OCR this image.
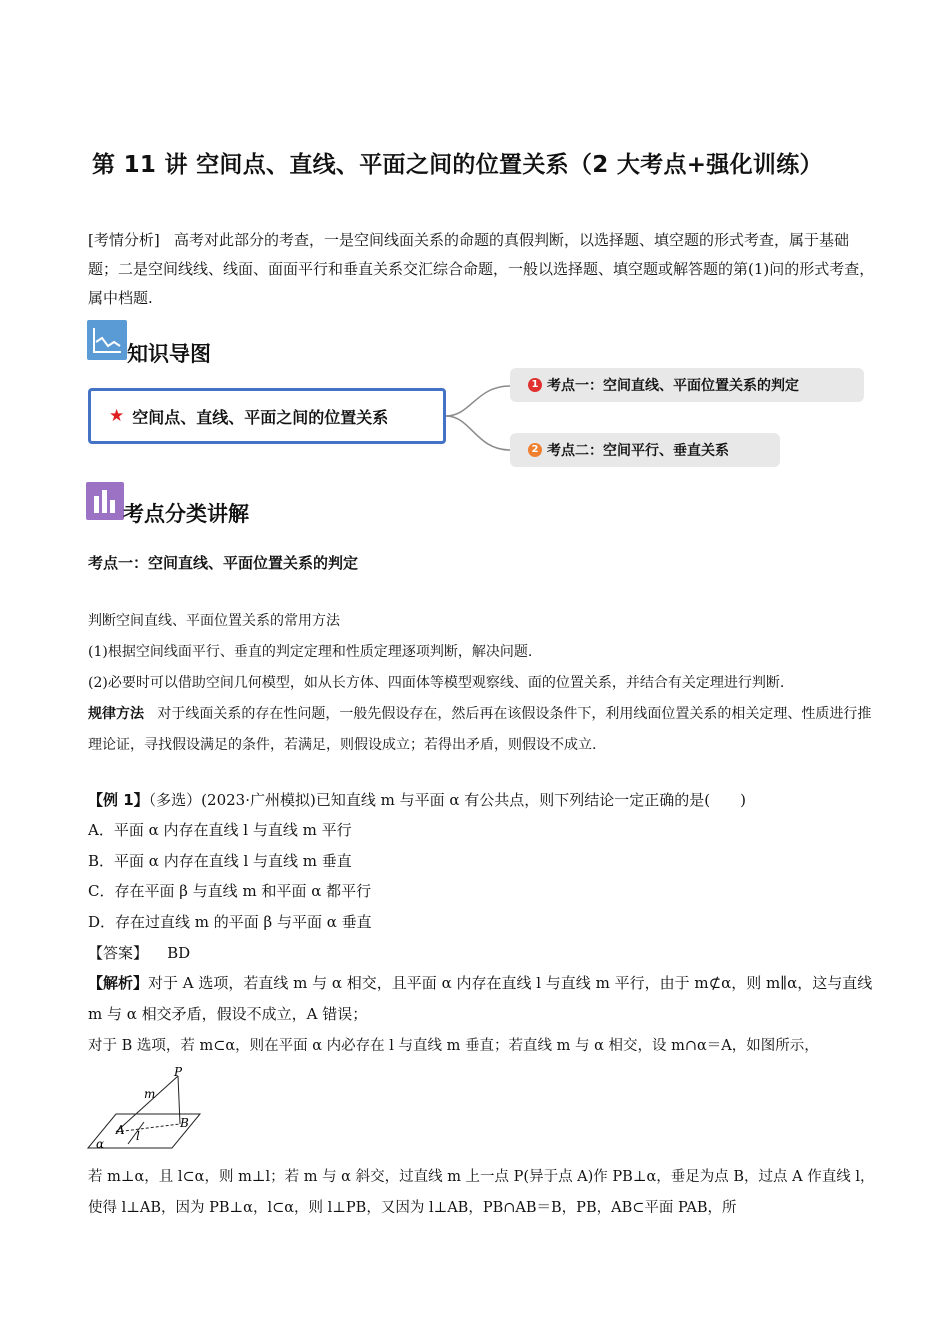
第 11 讲 空间点、直线、平面之间的位置关系（2 大考点+强化训练）
[考情分析] 高考对此部分的考查，一是空间线面关系的命题的真假判断，以选择题、填空题的形式考查，属于基础题；二是空间线线、线面、面面平行和垂直关系交汇综合命题，一般以选择题、填空题或解答题的第(1)问的形式考查，属中档题.
知识导图
★ 空间点、直线、平面之间的位置关系
1 考点一：空间直线、平面位置关系的判定
2 考点二：空间平行、垂直关系
考点分类讲解
考点一：空间直线、平面位置关系的判定
判断空间直线、平面位置关系的常用方法
(1)根据空间线面平行、垂直的判定定理和性质定理逐项判断，解决问题.
(2)必要时可以借助空间几何模型，如从长方体、四面体等模型观察线、面的位置关系，并结合有关定理进行判断.
规律方法 对于线面关系的存在性问题，一般先假设存在，然后再在该假设条件下，利用线面位置关系的相关定理、性质进行推理论证，寻找假设满足的条件，若满足，则假设成立；若得出矛盾，则假设不成立.
【例 1】（多选）(2023·广州模拟)已知直线 m 与平面 α 有公共点，则下列结论一定正确的是(　　)
A．平面 α 内存在直线 l 与直线 m 平行
B．平面 α 内存在直线 l 与直线 m 垂直
C．存在平面 β 与直线 m 和平面 α 都平行
D．存在过直线 m 的平面 β 与平面 α 垂直
【答案】 BD
【解析】对于 A 选项，若直线 m 与 α 相交，且平面 α 内存在直线 l 与直线 m 平行，由于 m⊄α，则 m∥α，这与直线 m 与 α 相交矛盾，假设不成立，A 错误；
对于 B 选项，若 m⊂α，则在平面 α 内必存在 l 与直线 m 垂直；若直线 m 与 α 相交，设 m∩α＝A，如图所示，
P
m
A	B
l
α
若 m⊥α，且 l⊂α，则 m⊥l；若 m 与 α 斜交，过直线 m 上一点 P(异于点 A)作 PB⊥α，垂足为点 B，过点 A 作直线 l，使得 l⊥AB，因为 PB⊥α，l⊂α，则 l⊥PB，又因为 l⊥AB，PB∩AB＝B，PB，AB⊂平面 PAB，所
